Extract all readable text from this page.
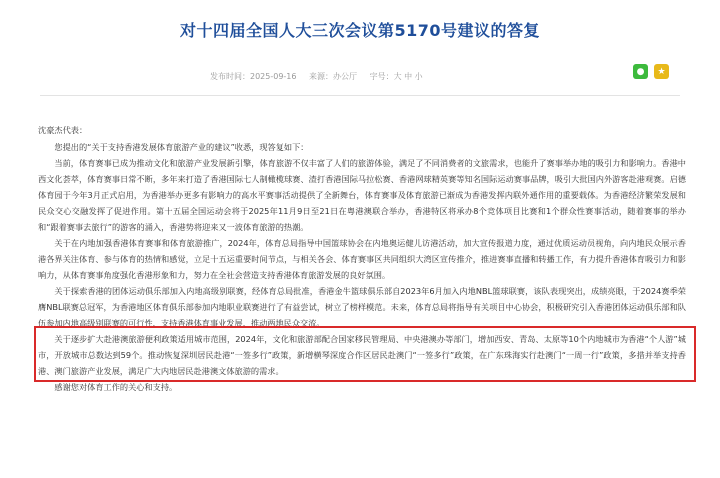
对十四届全国人大三次会议第5170号建议的答复
发布时间：2025-09-16 来源：办公厅 字号：大 中 小	●	★

沈豪杰代表：

您提出的“关于支持香港发展体育旅游产业的建议”收悉，现答复如下：

当前，体育赛事已成为推动文化和旅游产业发展新引擎，体育旅游不仅丰富了人们的旅游体验，满足了不同消费者的文旅需求，也能升了赛事举办地的吸引力和影响力。香港中西文化荟萃，体育赛事日常不断，多年来打造了香港国际七人制橄榄球赛、渣打香港国际马拉松赛、香港网球精英赛等知名国际运动赛事品牌，吸引大批国内外游客赴港观赛。启德体育园于今年3月正式启用，为香港举办更多有影响力的高水平赛事活动提供了全新舞台，体育赛事及体育旅游已渐成为香港发挥内联外通作用的重要载体。为香港经济繁荣发展和民众交心交融发挥了促进作用。第十五届全国运动会将于2025年11月9日至21日在粤港澳联合举办，香港特区将承办8个竞体项目比赛和1个群众性赛事活动，随着赛事的举办和“跟着赛事去旅行”的游客的涌入，香港势将迎来又一波体育旅游的热潮。

关于在内地加强香港体育赛事和体育旅游推广，2024年，体育总局指导中国篮球协会在内地奥运健儿访港活动，加大宣传报道力度，通过优质运动员视角，向内地民众展示香港各界关注体育、参与体育的热情和感觉，立足十五运重要时间节点，与相关各会、体育赛事区共同组织大湾区宣传推介，推进赛事直播和转播工作，有力提升香港体育吸引力和影响力，从体育赛事角度强化香港形象和力，努力在全社会营造支持香港体育旅游发展的良好氛围。

关于探索香港的团体运动俱乐部加入内地高级别联赛，经体育总局批准，香港金牛篮球俱乐部自2023年6月加入内地NBL篮球联赛，该队表现突出，成绩亮眼，于2024赛季荣膺NBL联赛总冠军，为香港地区体育俱乐部参加内地职业联赛进行了有益尝试，树立了榜样模范。未来，体育总局将指导有关项目中心协会，积极研究引入香港团体运动俱乐部和队伍参加内地高级别联赛的可行性，支持香港体育事业发展，推动两地民众交流。

关于逐步扩大赴港澳旅游便利政策适用城市范围，2024年，文化和旅游部配合国家移民管理局、中央港澳办等部门，增加西安、青岛、太原等10个内地城市为香港“个人游”城市，开放城市总数达到59个。推动恢复深圳居民赴港“一签多行”政策，新增横琴深度合作区居民赴澳门“一签多行”政策，在广东珠海实行赴澳门“一周一行”政策，多措并举支持香港、澳门旅游产业发展，满足广大内地居民赴港澳文体旅游的需求。

感谢您对体育工作的关心和支持。
